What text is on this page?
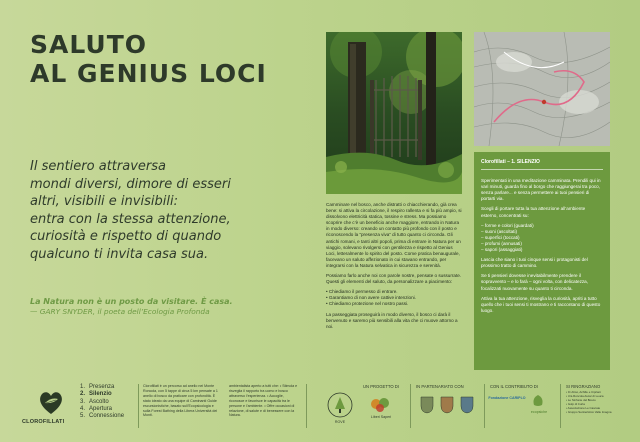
SALUTO
AL GENIUS LOCI
Il sentiero attraversa
mondi diversi, dimore di esseri
altri, visibili e invisibili:
entra con la stessa attenzione,
curiosità e rispetto di quando
qualcuno ti invita casa sua.
La Natura non è un posto da visitare. È casa.
— GARY SNYDER, il poeta dell’Ecologia Profonda

Camminare nel bosco, anche distratti o chiacchierando, già crea bene: si attiva la circolazione, il respiro rallenta e si fa più ampio, si dissolvono elettricità statica, tossine e stress. Ma possiamo scoprire che c’è un beneficio anche maggiore, entrando in Natura in modo diverso: creando un contatto più profondo con il posto e riconoscendo la “presenza viva” di tutto quanto ci circonda. Gli antichi romani, e tanti altri popoli, prima di entrare in Natura per un viaggio, solevano rivolgersi con gentilezza e rispetto al Genius Loci, letteralmente lo spirito del posto. Come pratica benaugurale, facevano un saluto affezionato in cui stavano entrando, per integrarsi con la Natura selvatica in sicurezza e serenità.

Possiamo farlo anche noi con parole nostre, pensate o sussurrate. Questi gli elementi del saluto, da personalizzare a piacimento:

• Chiediamo il permesso di entrare.
• Garantiamo di non avere cattive intenzioni.
• Chiediamo protezione nel nostro passi.

La passeggiata proseguirà in modo diverso, il bosco ci darà il benvenuto e saremo più sensibili alla vita che ci muove attorno a noi.

Clorofillati – 1. SILENZIO

Sperimentati in una meditazione camminata. Prendili qui in vari minuti, guarda fino al borgo che raggiungerai tra poco, senza parlare... e senza permettere ai tuoi pensieri di portarti via.

Scegli di portare tutta la tua attenzione all’ambiente esterno, concentrati su:

– forme e colori (guardati)
– suoni (ascoltati)
– superfici (toccati)
– profumi (annusati)
– sapori (assaggiati)

Lascia che siano i tuoi cinque sensi i protagonisti del prossimo tratto di cammino.

Se ti pensieri dovesse inevitabilmente prendere il sopravvento – e lo farà – ogni volta, con delicatezza, focalizzati nuovamente su quanto ti circonda.

Attiva la tua attenzione, risveglia la curiosità, apriti a tutto quello che i tuoi sensi ti mostrano e ti raccontano di questo luogo.

CLOROFILLATI
1. Presenza
2. Silenzio
3. Ascolto
4. Apertura
5. Connessione
Clorofillati è un percorso ad anello nei Monte Roncola, con 5 tappe di circa 5 km pensate a 1 anello di bosco da praticare con profondità. È stato ideato da una equipe di Caminanti Guide escursionistiche, basato sull’Ecopsicologia e sulla Forest Bathing della Libera Università dei Monti.
ambientalista aperto a tutti che: • Stimola e risveglia il rapporto tra uomo e bosco attraverso l’esperienza. • Accoglie, riconosce e favorisce le capacità tra le persone e l’ambiente. • Offre occasioni di relazione, di salute e di benessere con la Natura.
ROVE
UN PROGETTO DI
Liberi Saperi
IN PARTENARIATO CON	CON IL CONTRIBUTO DI
Fondazione CARIPLO
ecopsiche
SI RINGRAZIANO
• IC Almè, Achille e Cipriani
• Uni-Roncola Ascar di Leuca
• Le Sinfonie del Bosco
• Gulp di Curta
• Associazione Le Cascate
• Gruppo Sentieristico Valle Imagna
